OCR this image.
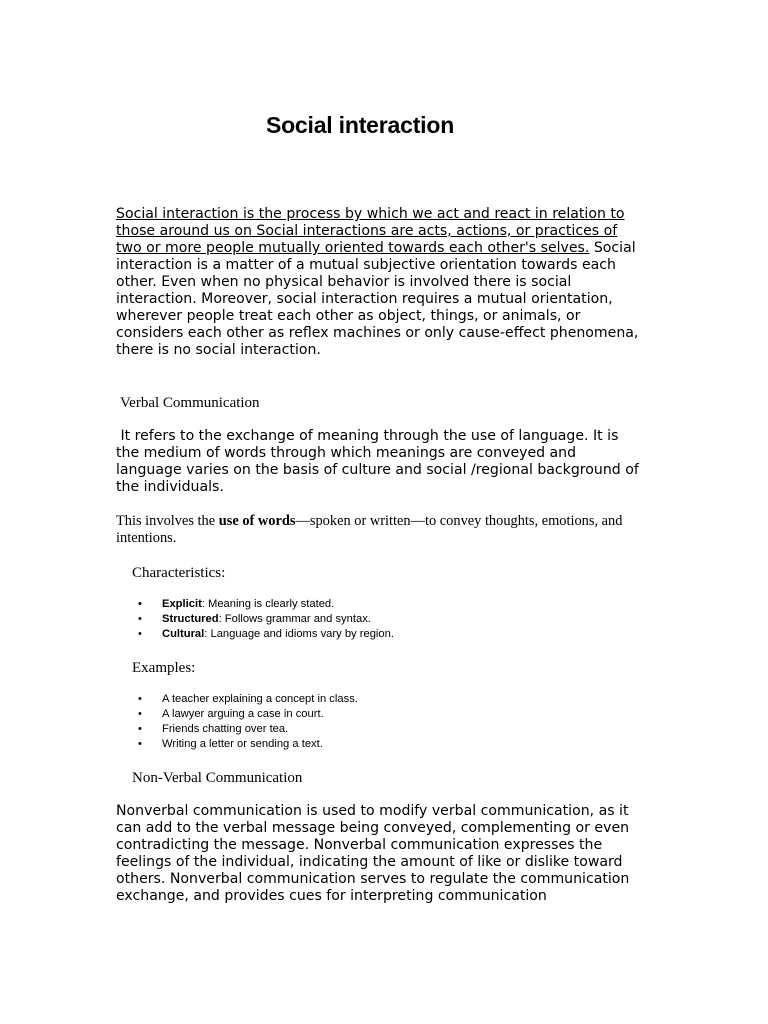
Social interaction

Social interaction is the process by which we act and react in relation to those around us on Social interactions are acts, actions, or practices of two or more people mutually oriented towards each other's selves. Social interaction is a matter of a mutual subjective orientation towards each other. Even when no physical behavior is involved there is social interaction. Moreover, social interaction requires a mutual orientation, wherever people treat each other as object, things, or animals, or considers each other as reflex machines or only cause-effect phenomena, there is no social interaction.

Verbal Communication

It refers to the exchange of meaning through the use of language. It is the medium of words through which meanings are conveyed and language varies on the basis of culture and social /regional background of the individuals.

This involves the use of words—spoken or written—to convey thoughts, emotions, and intentions.

Characteristics:
• Explicit: Meaning is clearly stated.
• Structured: Follows grammar and syntax.
• Cultural: Language and idioms vary by region.
Examples:
• A teacher explaining a concept in class.
• A lawyer arguing a case in court.
• Friends chatting over tea.
• Writing a letter or sending a text.
Non-Verbal Communication

Nonverbal communication is used to modify verbal communication, as it can add to the verbal message being conveyed, complementing or even contradicting the message. Nonverbal communication expresses the feelings of the individual, indicating the amount of like or dislike toward others. Nonverbal communication serves to regulate the communication exchange, and provides cues for interpreting communication
